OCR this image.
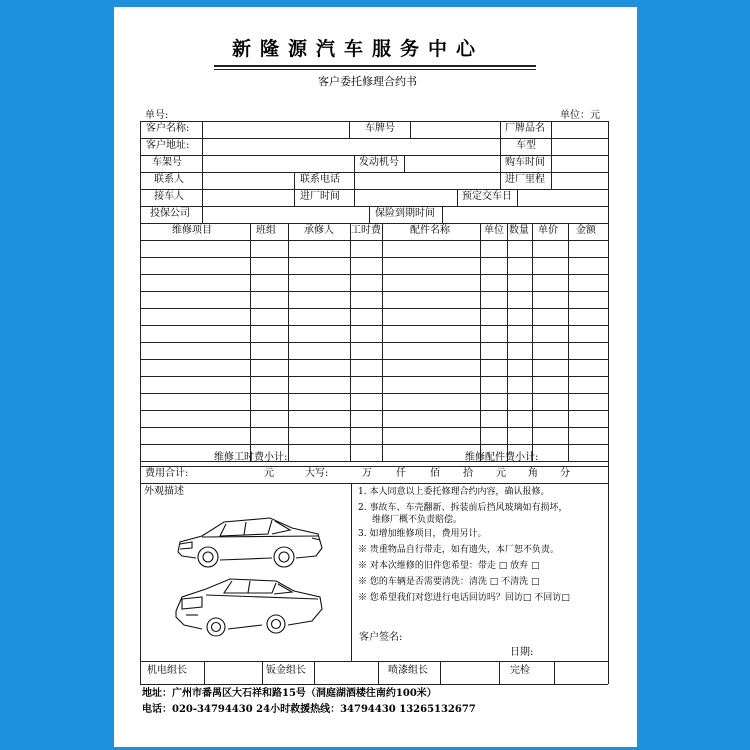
新隆源汽车服务中心
客户委托修理合约书
单号:	单位：元
客户名称:	车牌号	厂牌品名
客户地址:	车型
车架号	发动机号	购车时间
联系人	联系电话	进厂里程
接车人	进厂时间	预定交车日
投保公司	保险到期时间
维修项目	班组	承修人 工时费	配件名称	单位 数量 单价 金额
维修工时费小计:	维修配件费小计:
费用合计:	元	大写:	万 仟 佰 拾 元 角 分
外观描述	1. 本人同意以上委托修理合约内容，确认报修。
2. 事故车、车壳翻新、拆装前后挡风玻璃如有损坏，
维修厂概不负责赔偿。
3. 如增加维修项目，费用另计。
※ 贵重物品自行带走，如有遗失，本厂恕不负责。
※ 对本次维修的旧件您希望：带走 □ 放弃 □
※ 您的车辆是否需要清洗：清洗 □ 不清洗 □
※ 您希望我们对您进行电话回访吗？回访□ 不回访□
客户签名:
日期:
机电组长	钣金组长	喷漆组长	完检
地址：广州市番禺区大石祥和路15号（洞庭湖酒楼往南约100米）
电话：020-34794430 24小时救援热线：34794430 13265132677
